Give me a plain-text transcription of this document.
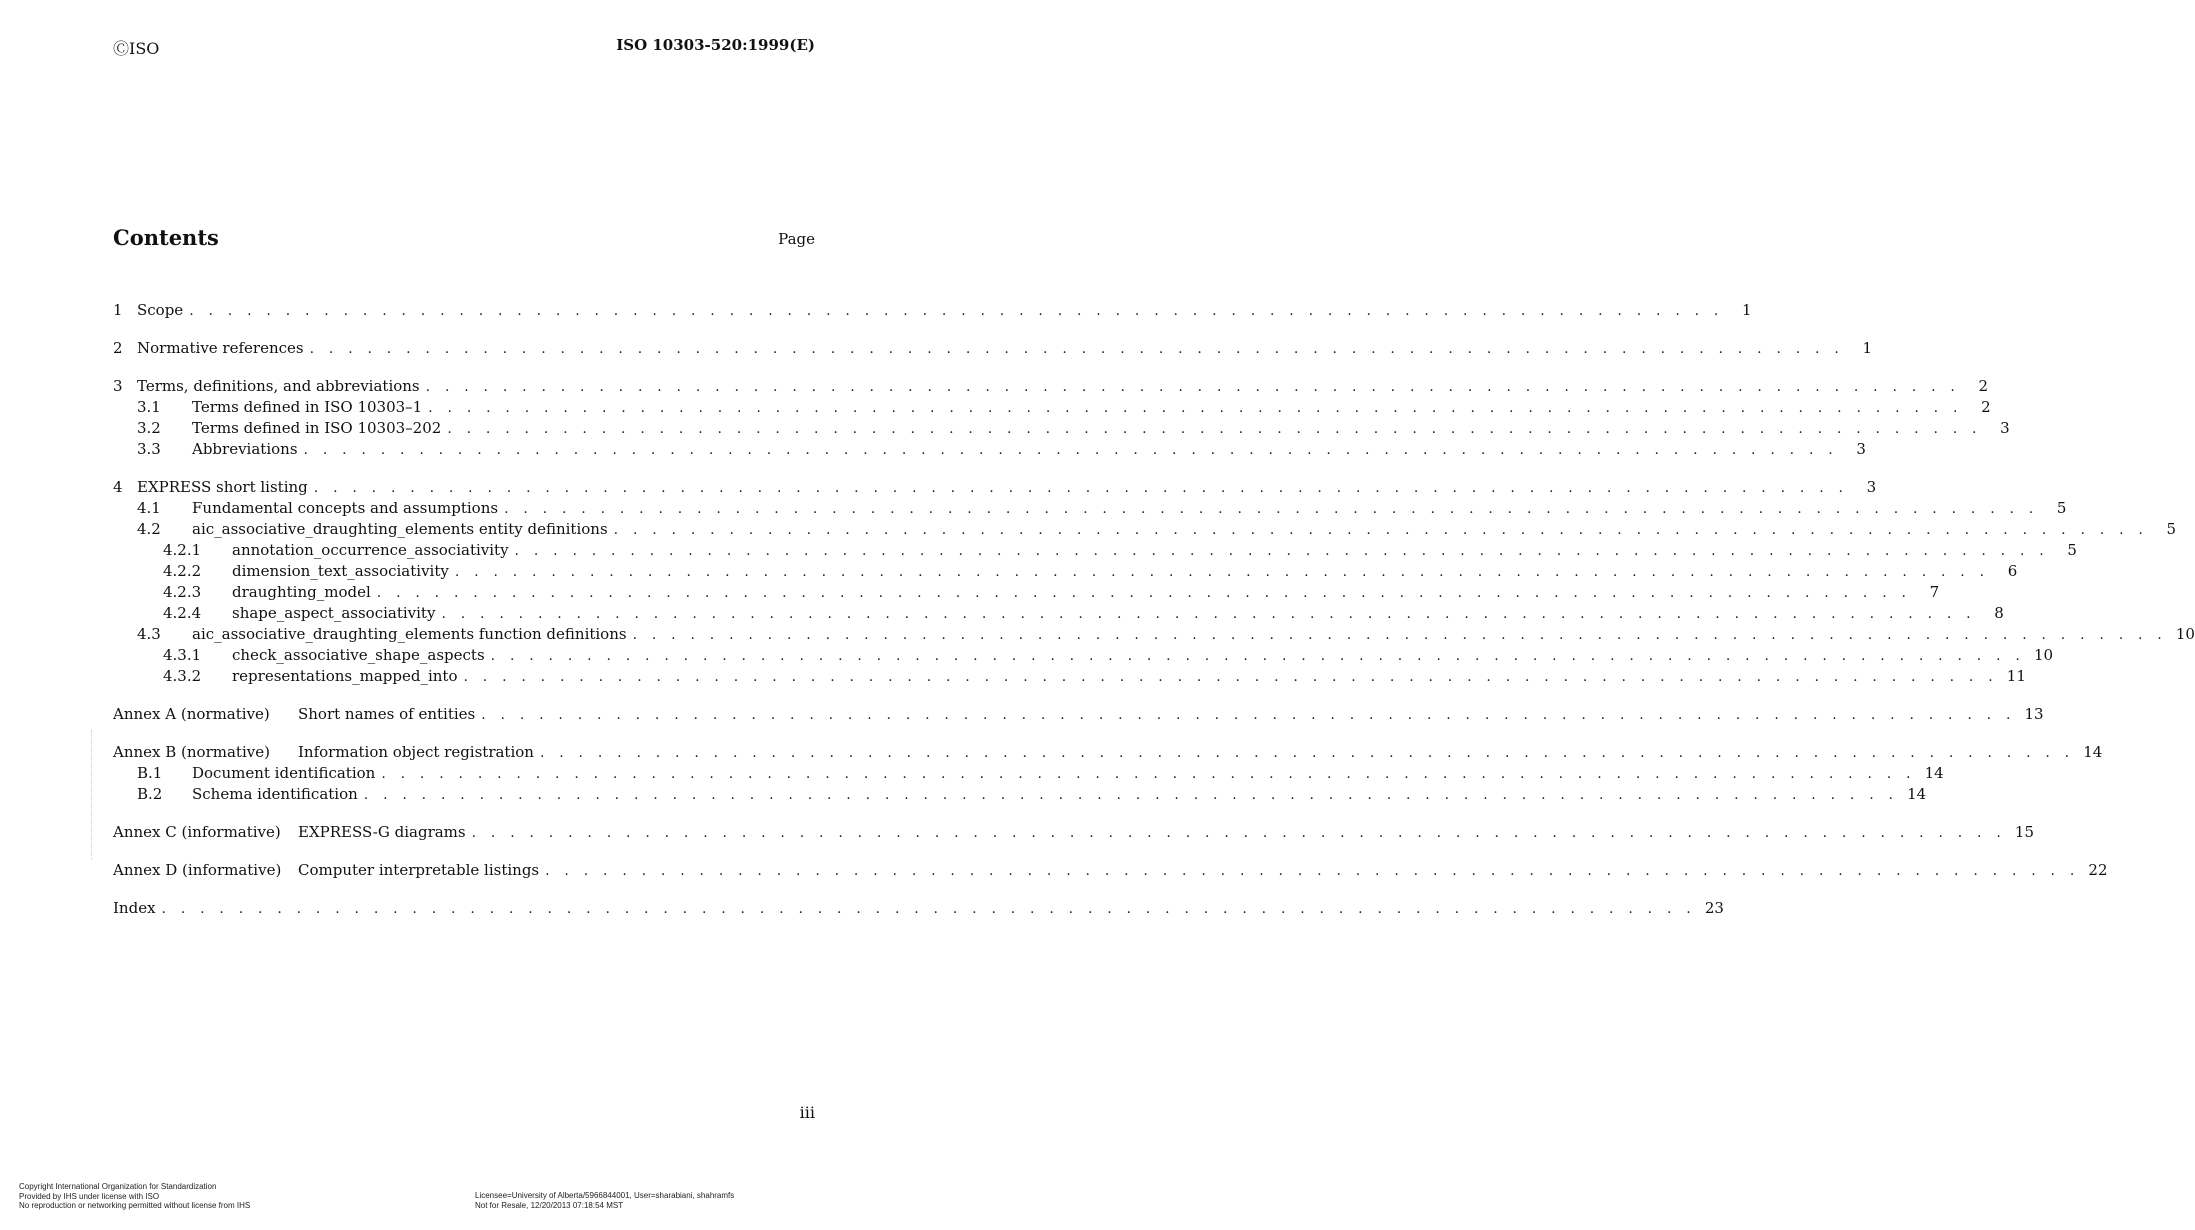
ⒸISO	ISO 10303-520:1999(E)
Contents	Page
1 Scope . . . . . . . . . . . . . . . . . . . . . . . . . . . . . . . . . . . . . . . . . . . . . . . . . . . . . . . . . . . . . . . . . . . . . . . . . . . . . . . .	1
2 Normative references . . . . . . . . . . . . . . . . . . . . . . . . . . . . . . . . . . . . . . . . . . . . . . . . . . . . . . . . . . . . . . . . . . . . . . . . . . . . . . . .	1
3 Terms, definitions, and abbreviations . . . . . . . . . . . . . . . . . . . . . . . . . . . . . . . . . . . . . . . . . . . . . . . . . . . . . . . . . . . . . . . . . . . . . . . . . . . . . . . .	2
3.1 Terms defined in ISO 10303–1 . . . . . . . . . . . . . . . . . . . . . . . . . . . . . . . . . . . . . . . . . . . . . . . . . . . . . . . . . . . . . . . . . . . . . . . . . . . . . . . .	2
3.2 Terms defined in ISO 10303–202 . . . . . . . . . . . . . . . . . . . . . . . . . . . . . . . . . . . . . . . . . . . . . . . . . . . . . . . . . . . . . . . . . . . . . . . . . . . . . . . .	3
3.3 Abbreviations . . . . . . . . . . . . . . . . . . . . . . . . . . . . . . . . . . . . . . . . . . . . . . . . . . . . . . . . . . . . . . . . . . . . . . . . . . . . . . . .	3
4 EXPRESS short listing . . . . . . . . . . . . . . . . . . . . . . . . . . . . . . . . . . . . . . . . . . . . . . . . . . . . . . . . . . . . . . . . . . . . . . . . . . . . . . . .	3
4.1 Fundamental concepts and assumptions . . . . . . . . . . . . . . . . . . . . . . . . . . . . . . . . . . . . . . . . . . . . . . . . . . . . . . . . . . . . . . . . . . . . . . . . . . . . . . . .	5
4.2 aic_associative_draughting_elements entity definitions . . . . . . . . . . . . . . . . . . . . . . . . . . . . . . . . . . . . . . . . . . . . . . . . . . . . . . . . . . . . . . . . . . . . . . . . . . . . . . . .	5
4.2.1 annotation_occurrence_associativity . . . . . . . . . . . . . . . . . . . . . . . . . . . . . . . . . . . . . . . . . . . . . . . . . . . . . . . . . . . . . . . . . . . . . . . . . . . . . . . .	5
4.2.2 dimension_text_associativity . . . . . . . . . . . . . . . . . . . . . . . . . . . . . . . . . . . . . . . . . . . . . . . . . . . . . . . . . . . . . . . . . . . . . . . . . . . . . . . .	6
4.2.3 draughting_model . . . . . . . . . . . . . . . . . . . . . . . . . . . . . . . . . . . . . . . . . . . . . . . . . . . . . . . . . . . . . . . . . . . . . . . . . . . . . . . .	7
4.2.4 shape_aspect_associativity . . . . . . . . . . . . . . . . . . . . . . . . . . . . . . . . . . . . . . . . . . . . . . . . . . . . . . . . . . . . . . . . . . . . . . . . . . . . . . . .	8
4.3 aic_associative_draughting_elements function definitions . . . . . . . . . . . . . . . . . . . . . . . . . . . . . . . . . . . . . . . . . . . . . . . . . . . . . . . . . . . . . . . . . . . . . . . . . . . . . . . . 10
4.3.1 check_associative_shape_aspects . . . . . . . . . . . . . . . . . . . . . . . . . . . . . . . . . . . . . . . . . . . . . . . . . . . . . . . . . . . . . . . . . . . . . . . . . . . . . . . . 10
4.3.2 representations_mapped_into . . . . . . . . . . . . . . . . . . . . . . . . . . . . . . . . . . . . . . . . . . . . . . . . . . . . . . . . . . . . . . . . . . . . . . . . . . . . . . . . 11
Annex A (normative) Short names of entities . . . . . . . . . . . . . . . . . . . . . . . . . . . . . . . . . . . . . . . . . . . . . . . . . . . . . . . . . . . . . . . . . . . . . . . . . . . . . . . . 13
Annex B (normative) Information object registration . . . . . . . . . . . . . . . . . . . . . . . . . . . . . . . . . . . . . . . . . . . . . . . . . . . . . . . . . . . . . . . . . . . . . . . . . . . . . . . . 14
B.1 Document identification . . . . . . . . . . . . . . . . . . . . . . . . . . . . . . . . . . . . . . . . . . . . . . . . . . . . . . . . . . . . . . . . . . . . . . . . . . . . . . . . 14
B.2 Schema identification . . . . . . . . . . . . . . . . . . . . . . . . . . . . . . . . . . . . . . . . . . . . . . . . . . . . . . . . . . . . . . . . . . . . . . . . . . . . . . . . 14
Annex C (informative) EXPRESS-G diagrams . . . . . . . . . . . . . . . . . . . . . . . . . . . . . . . . . . . . . . . . . . . . . . . . . . . . . . . . . . . . . . . . . . . . . . . . . . . . . . . . 15
Annex D (informative) Computer interpretable listings . . . . . . . . . . . . . . . . . . . . . . . . . . . . . . . . . . . . . . . . . . . . . . . . . . . . . . . . . . . . . . . . . . . . . . . . . . . . . . . . 22
Index . . . . . . . . . . . . . . . . . . . . . . . . . . . . . . . . . . . . . . . . . . . . . . . . . . . . . . . . . . . . . . . . . . . . . . . . . . . . . . . . 23
iii
Copyright International Organization for Standardization
Provided by IHS under license with ISO
No reproduction or networking permitted without license from IHS
Licensee=University of Alberta/5966844001, User=sharabiani, shahramfs
Not for Resale, 12/20/2013 07:18:54 MST
